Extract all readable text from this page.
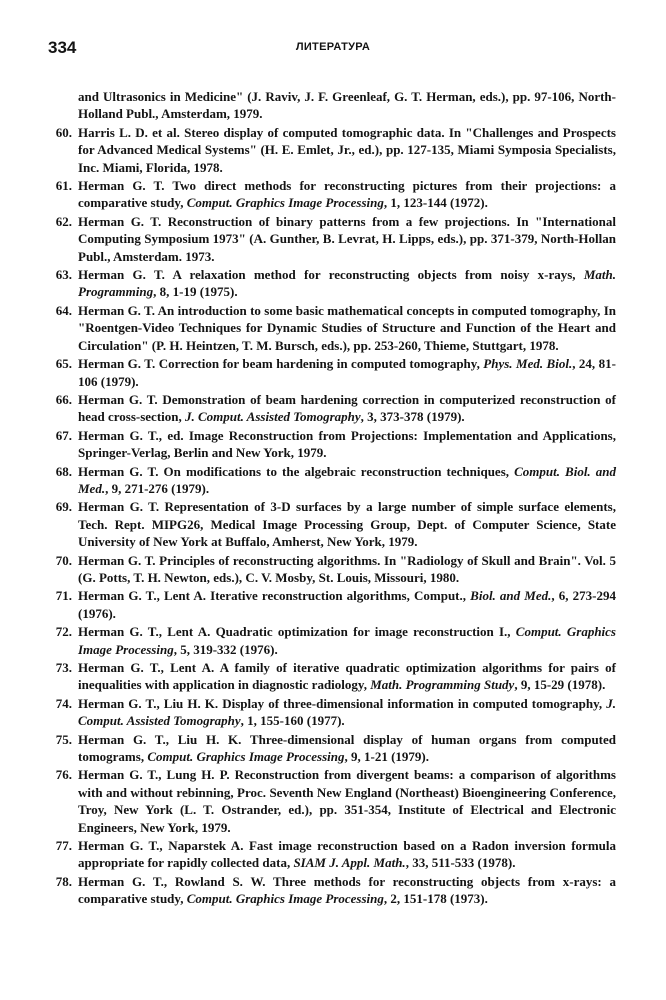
334	ЛИТЕРАТУРА
and Ultrasonics in Medicine" (J. Raviv, J. F. Greenleaf, G. T. Herman, eds.), pp. 97-106, North-Holland Publ., Amsterdam, 1979.
60. Harris L. D. et al. Stereo display of computed tomographic data. In "Challenges and Prospects for Advanced Medical Systems" (H. E. Emlet, Jr., ed.), pp. 127-135, Miami Symposia Specialists, Inc. Miami, Florida, 1978.
61. Herman G. T. Two direct methods for reconstructing pictures from their projections: a comparative study, Comput. Graphics Image Processing, 1, 123-144 (1972).
62. Herman G. T. Reconstruction of binary patterns from a few projections. In "International Computing Symposium 1973" (A. Gunther, B. Levrat, H. Lipps, eds.), pp. 371-379, North-Hollan Publ., Amsterdam. 1973.
63. Herman G. T. A relaxation method for reconstructing objects from noisy x-rays, Math. Programming, 8, 1-19 (1975).
64. Herman G. T. An introduction to some basic mathematical concepts in computed tomography, In "Roentgen-Video Techniques for Dynamic Studies of Structure and Function of the Heart and Circulation" (P. H. Heintzen, T. M. Bursch, eds.), pp. 253-260, Thieme, Stuttgart, 1978.
65. Herman G. T. Correction for beam hardening in computed tomography, Phys. Med. Biol., 24, 81-106 (1979).
66. Herman G. T. Demonstration of beam hardening correction in computerized reconstruction of head cross-section, J. Comput. Assisted Tomography, 3, 373-378 (1979).
67. Herman G. T., ed. Image Reconstruction from Projections: Implementation and Applications, Springer-Verlag, Berlin and New York, 1979.
68. Herman G. T. On modifications to the algebraic reconstruction techniques, Comput. Biol. and Med., 9, 271-276 (1979).
69. Herman G. T. Representation of 3-D surfaces by a large number of simple surface elements, Tech. Rept. MIPG26, Medical Image Processing Group, Dept. of Computer Science, State University of New York at Buffalo, Amherst, New York, 1979.
70. Herman G. T. Principles of reconstructing algorithms. In "Radiology of Skull and Brain". Vol. 5 (G. Potts, T. H. Newton, eds.), C. V. Mosby, St. Louis, Missouri, 1980.
71. Herman G. T., Lent A. Iterative reconstruction algorithms, Comput., Biol. and Med., 6, 273-294 (1976).
72. Herman G. T., Lent A. Quadratic optimization for image reconstruction I., Comput. Graphics Image Processing, 5, 319-332 (1976).
73. Herman G. T., Lent A. A family of iterative quadratic optimization algorithms for pairs of inequalities with application in diagnostic radiology, Math. Programming Study, 9, 15-29 (1978).
74. Herman G. T., Liu H. K. Display of three-dimensional information in computed tomography, J. Comput. Assisted Tomography, 1, 155-160 (1977).
75. Herman G. T., Liu H. K. Three-dimensional display of human organs from computed tomograms, Comput. Graphics Image Processing, 9, 1-21 (1979).
76. Herman G. T., Lung H. P. Reconstruction from divergent beams: a comparison of algorithms with and without rebinning, Proc. Seventh New England (Northeast) Bioengineering Conference, Troy, New York (L. T. Ostrander, ed.), pp. 351-354, Institute of Electrical and Electronic Engineers, New York, 1979.
77. Herman G. T., Naparstek A. Fast image reconstruction based on a Radon inversion formula appropriate for rapidly collected data, SIAM J. Appl. Math., 33, 511-533 (1978).
78. Herman G. T., Rowland S. W. Three methods for reconstructing objects from x-rays: a comparative study, Comput. Graphics Image Processing, 2, 151-178 (1973).
